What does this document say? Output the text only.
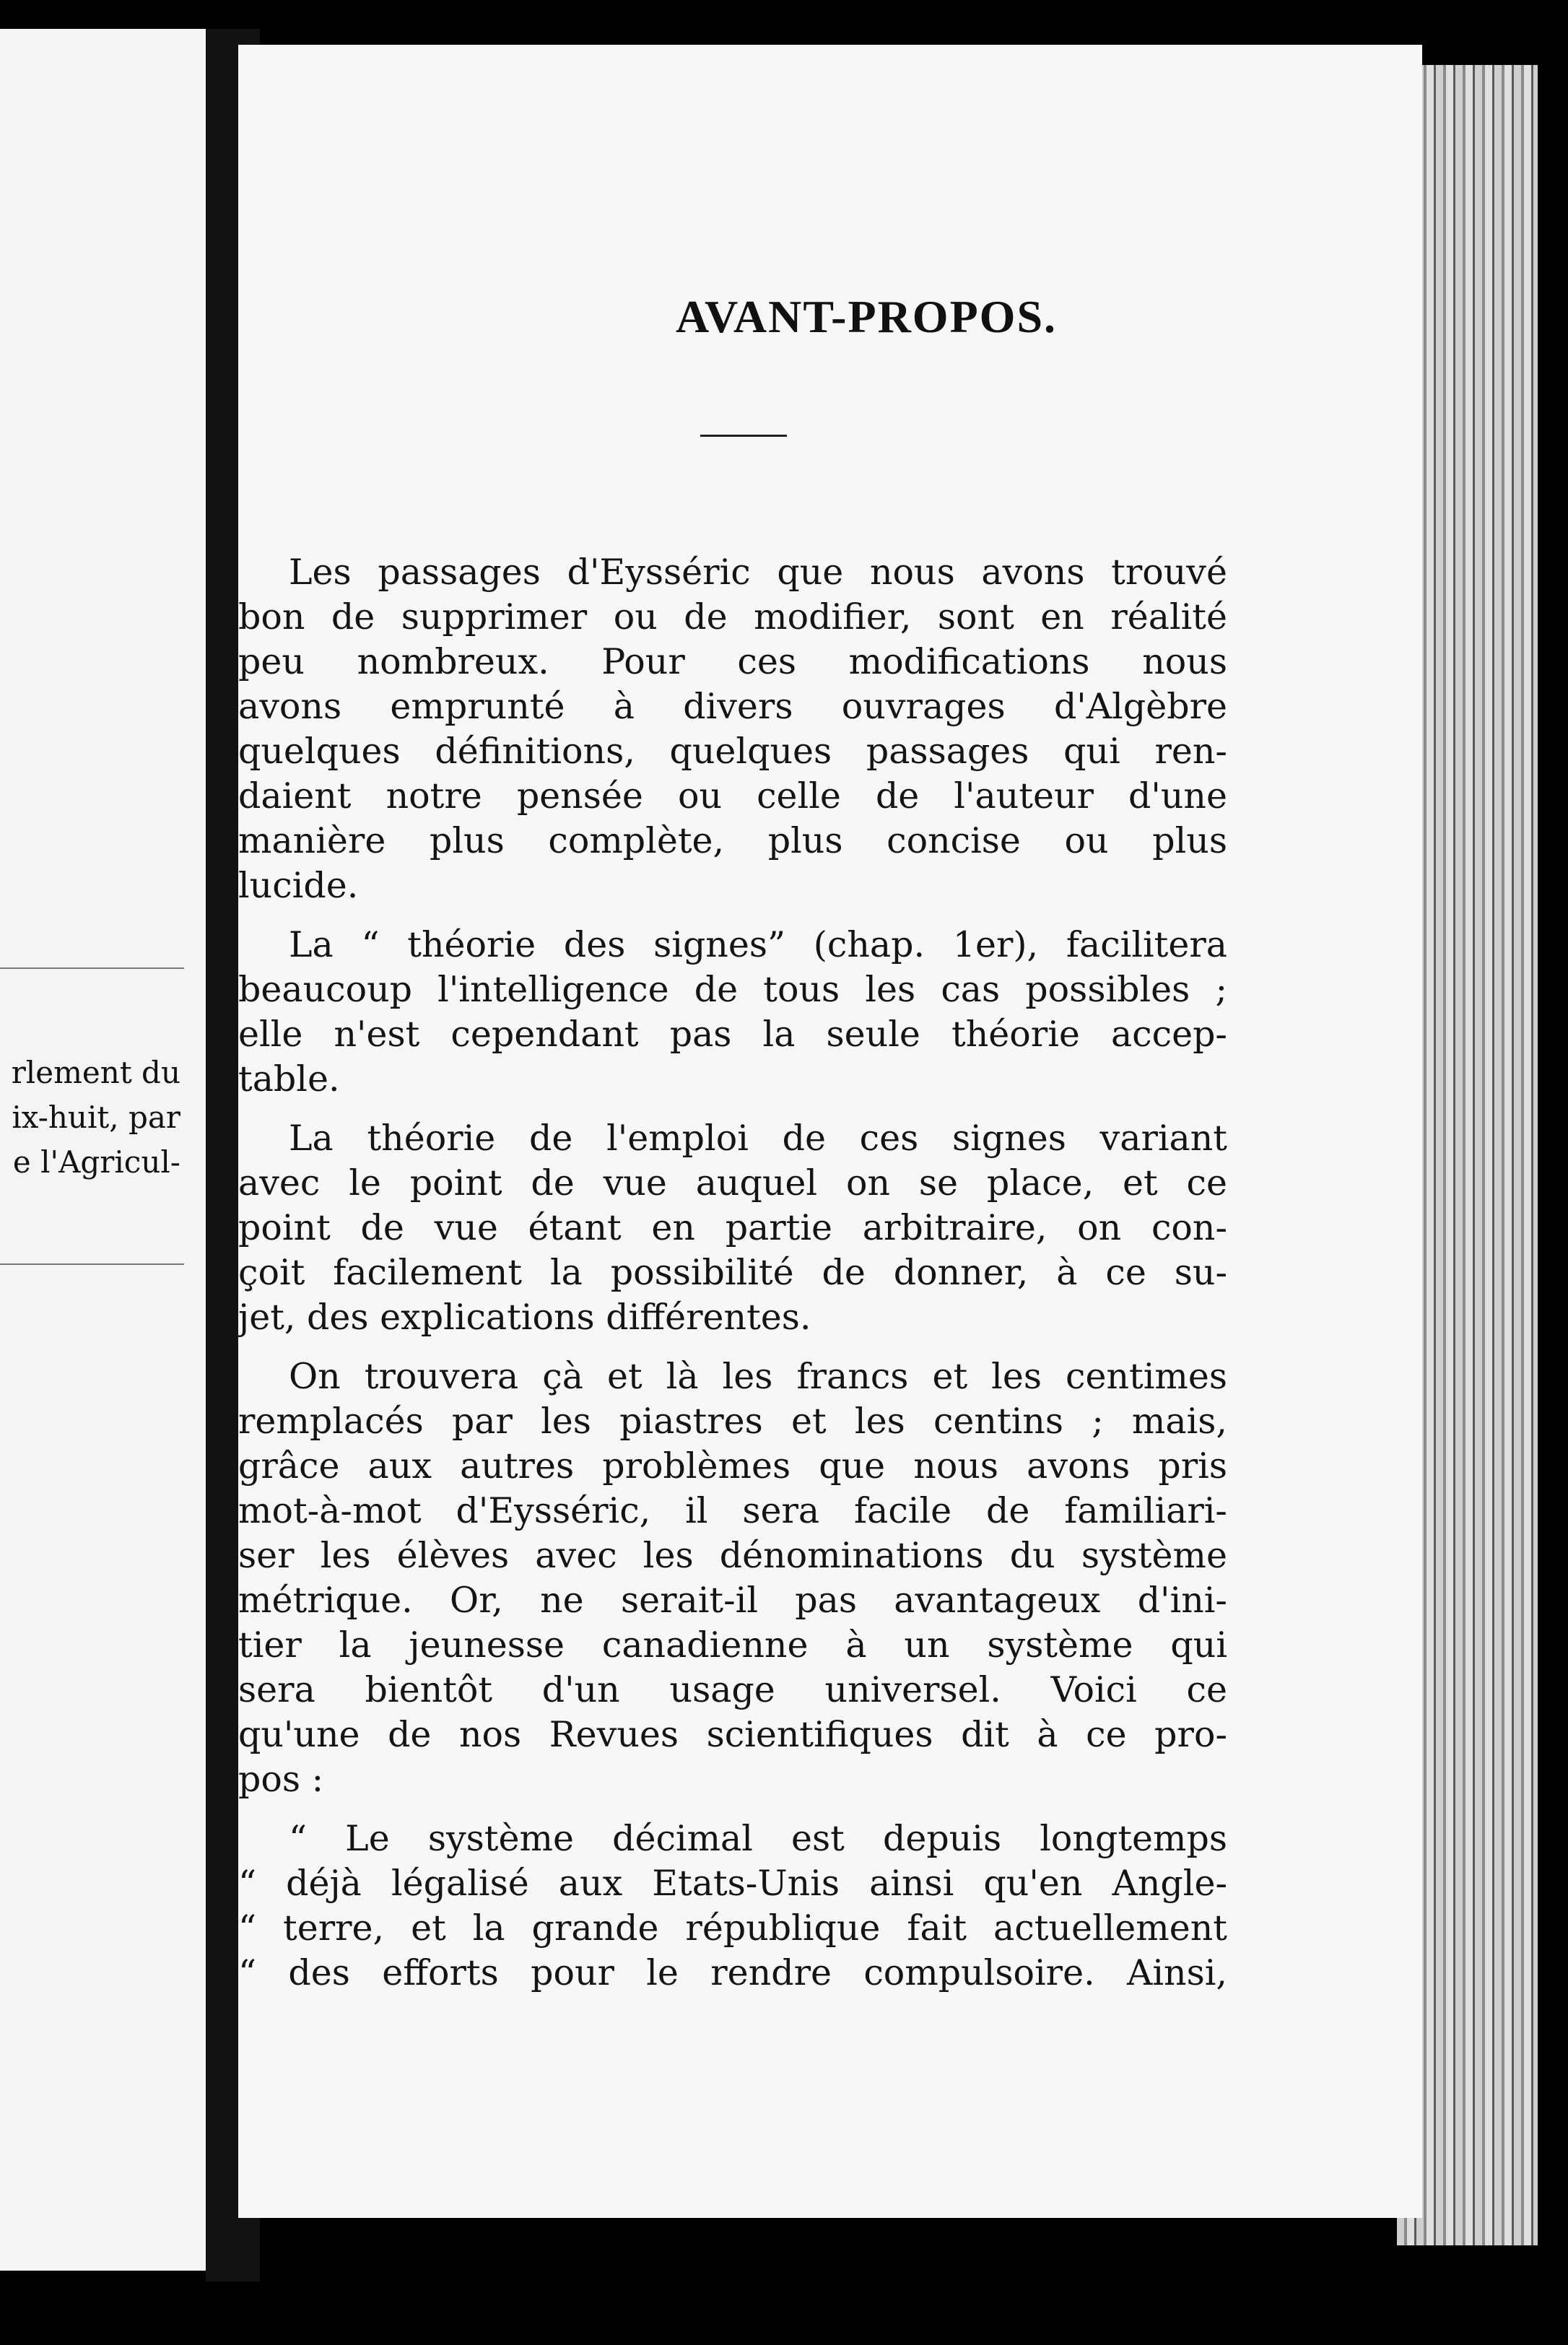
rlement du
ix-huit, par
e l'Agricul-
AVANT-PROPOS.

Les passages d'Eysséric que nous avons trouvé
bon de supprimer ou de modifier, sont en réalité
peu nombreux. Pour ces modifications nous
avons emprunté à divers ouvrages d'Algèbre
quelques définitions, quelques passages qui ren-
daient notre pensée ou celle de l'auteur d'une
manière plus complète, plus concise ou plus
lucide.

La “ théorie des signes” (chap. 1er), facilitera
beaucoup l'intelligence de tous les cas possibles ;
elle n'est cependant pas la seule théorie accep-
table.

La théorie de l'emploi de ces signes variant
avec le point de vue auquel on se place, et ce
point de vue étant en partie arbitraire, on con-
çoit facilement la possibilité de donner, à ce su-
jet, des explications différentes.

On trouvera çà et là les francs et les centimes
remplacés par les piastres et les centins ; mais,
grâce aux autres problèmes que nous avons pris
mot-à-mot d'Eysséric, il sera facile de familiari-
ser les élèves avec les dénominations du système
métrique. Or, ne serait-il pas avantageux d'ini-
tier la jeunesse canadienne à un système qui
sera bientôt d'un usage universel. Voici ce
qu'une de nos Revues scientifiques dit à ce pro-
pos :

“ Le système décimal est depuis longtemps
“ déjà légalisé aux Etats-Unis ainsi qu'en Angle-
“ terre, et la grande république fait actuellement
“ des efforts pour le rendre compulsoire. Ainsi,
